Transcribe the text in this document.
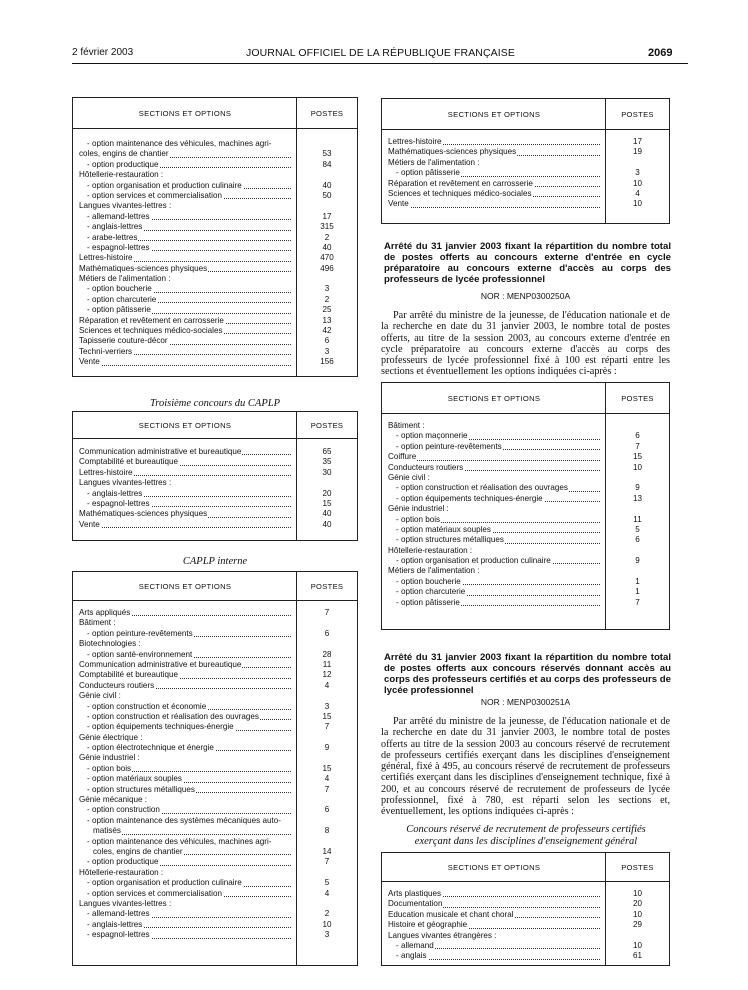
2 février 2003	JOURNAL OFFICIEL DE LA RÉPUBLIQUE FRANÇAISE	2069
SECTIONS ET OPTIONS	POSTES
- option maintenance des véhicules, machines agri-
coles, engins de chantier	53
- option productique	84
Hôtellerie-restauration :
- option organisation et production culinaire	40
- option services et commercialisation	50
Langues vivantes-lettres :
- allemand-lettres	17
- anglais-lettres	315
- arabe-lettres	2
- espagnol-lettres	40
Lettres-histoire	470
Mathématiques-sciences physiques	496
Métiers de l'alimentation :
- option boucherie	3
- option charcuterie	2
- option pâtisserie	25
Réparation et revêtement en carrosserie	13
Sciences et techniques médico-sociales	42
Tapisserie couture-décor	6
Techni-verriers	3
Vente	156
Troisième concours du CAPLP
SECTIONS ET OPTIONS	POSTES
Communication administrative et bureautique	65
Comptabilité et bureautique	35
Lettres-histoire	30
Langues vivantes-lettres :
- anglais-lettres	20
- espagnol-lettres	15
Mathématiques-sciences physiques	40
Vente	40
CAPLP interne
SECTIONS ET OPTIONS	POSTES
Arts appliqués	7
Bâtiment :
- option peinture-revêtements	6
Biotechnologies :
- option santé-environnement	28
Communication administrative et bureautique	11
Comptabilité et bureautique	12
Conducteurs routiers	4
Génie civil :
- option construction et économie	3
- option construction et réalisation des ouvrages	15
- option équipements techniques-énergie	7
Génie électrique :
- option électrotechnique et énergie	9
Génie industriel :
- option bois	15
- option matériaux souples	4
- option structures métalliques	7
Génie mécanique :
- option construction	6
- option maintenance des systèmes mécaniques auto-
matisés	8
- option maintenance des véhicules, machines agri-
coles, engins de chantier	14
- option productique	7
Hôtellerie-restauration :
- option organisation et production culinaire	5
- option services et commercialisation	4
Langues vivantes-lettres :
- allemand-lettres	2
- anglais-lettres	10
- espagnol-lettres	3
SECTIONS ET OPTIONS	POSTES
Lettres-histoire	17
Mathématiques-sciences physiques	19
Métiers de l'alimentation :
- option pâtisserie	3
Réparation et revêtement en carrosserie	10
Sciences et techniques médico-sociales	4
Vente	10
Arrêté du 31 janvier 2003 fixant la répartition du nombre total de postes offerts au concours externe d'entrée en cycle préparatoire au concours externe d'accès au corps des professeurs de lycée professionnel
NOR : MENP0300250A
Par arrêté du ministre de la jeunesse, de l'éducation nationale et de la recherche en date du 31 janvier 2003, le nombre total de postes offerts, au titre de la session 2003, au concours externe d'entrée en cycle préparatoire au concours externe d'accès au corps des professeurs de lycée professionnel fixé à 100 est réparti entre les sections et éventuellement les options indiquées ci-après :
SECTIONS ET OPTIONS	POSTES
Bâtiment :
- option maçonnerie	6
- option peinture-revêtements	7
Coiffure	15
Conducteurs routiers	10
Génie civil :
- option construction et réalisation des ouvrages	9
- option équipements techniques-énergie	13
Génie industriel :
- option bois	11
- option matériaux souples	5
- option structures métalliques	6
Hôtellerie-restauration :
- option organisation et production culinaire	9
Métiers de l'alimentation :
- option boucherie	1
- option charcuterie	1
- option pâtisserie	7
Arrêté du 31 janvier 2003 fixant la répartition du nombre total de postes offerts aux concours réservés donnant accès au corps des professeurs certifiés et au corps des professeurs de lycée professionnel
NOR : MENP0300251A
Par arrêté du ministre de la jeunesse, de l'éducation nationale et de la recherche en date du 31 janvier 2003, le nombre total de postes offerts au titre de la session 2003 au concours réservé de recrutement de professeurs certifiés exerçant dans les disciplines d'enseignement général, fixé à 495, au concours réservé de recrutement de professeurs certifiés exerçant dans les disciplines d'enseignement technique, fixé à 200, et au concours réservé de recrutement de professeurs de lycée professionnel, fixé à 780, est réparti selon les sections et, éventuellement, les options indiquées ci-après :
Concours réservé de recrutement de professeurs certifiés exerçant dans les disciplines d'enseignement général
SECTIONS ET OPTIONS	POSTES
Arts plastiques	10
Documentation	20
Education musicale et chant choral	10
Histoire et géographie	29
Langues vivantes étrangères :
- allemand	10
- anglais	61
